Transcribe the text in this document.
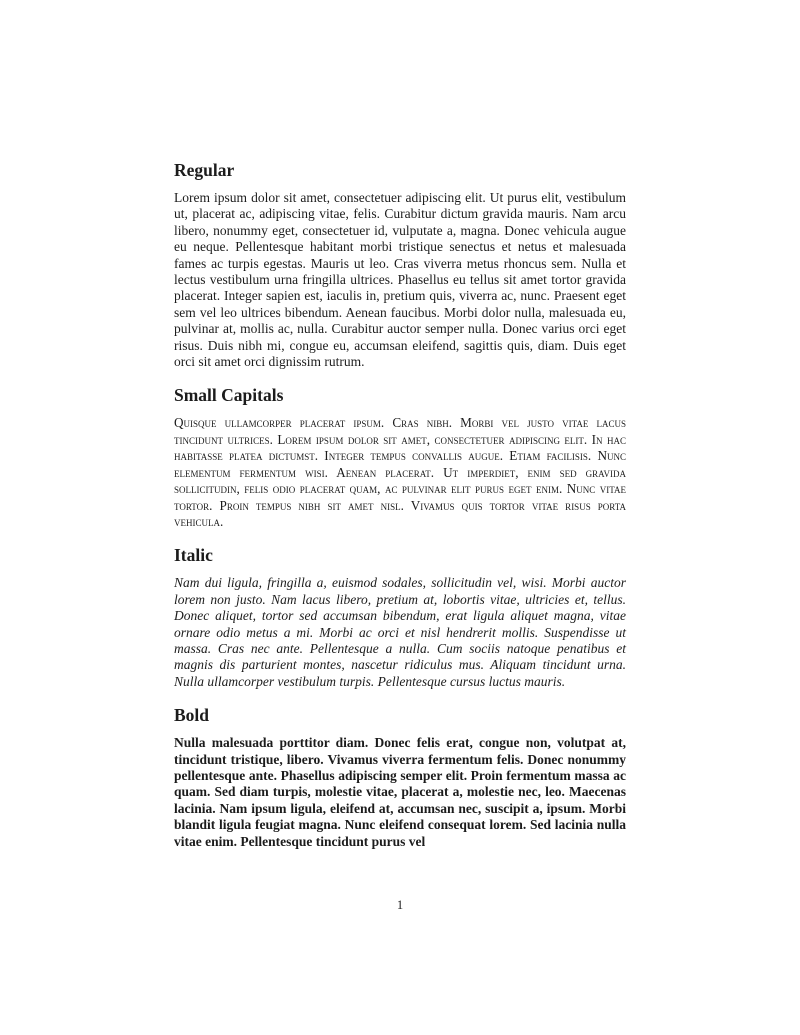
Regular

Lorem ipsum dolor sit amet, consectetuer adipiscing elit. Ut purus elit, vestibulum ut, placerat ac, adipiscing vitae, felis. Curabitur dictum gravida mauris. Nam arcu libero, nonummy eget, consectetuer id, vulputate a, magna. Donec vehicula augue eu neque. Pellentesque habitant morbi tristique senectus et netus et malesuada fames ac turpis egestas. Mauris ut leo. Cras viverra metus rhoncus sem. Nulla et lectus vestibulum urna fringilla ultrices. Phasellus eu tellus sit amet tortor gravida placerat. Integer sapien est, iaculis in, pretium quis, viverra ac, nunc. Praesent eget sem vel leo ultrices bibendum. Aenean faucibus. Morbi dolor nulla, malesuada eu, pulvinar at, mollis ac, nulla. Curabitur auctor semper nulla. Donec varius orci eget risus. Duis nibh mi, congue eu, accumsan eleifend, sagittis quis, diam. Duis eget orci sit amet orci dignissim rutrum.

Small Capitals

Quisque ullamcorper placerat ipsum. Cras nibh. Morbi vel justo vitae lacus tincidunt ultrices. Lorem ipsum dolor sit amet, consectetuer adipiscing elit. In hac habitasse platea dictumst. Integer tempus convallis augue. Etiam facilisis. Nunc elementum fermentum wisi. Aenean placerat. Ut imperdiet, enim sed gravida sollicitudin, felis odio placerat quam, ac pulvinar elit purus eget enim. Nunc vitae tortor. Proin tempus nibh sit amet nisl. Vivamus quis tortor vitae risus porta vehicula.

Italic

Nam dui ligula, fringilla a, euismod sodales, sollicitudin vel, wisi. Morbi auctor lorem non justo. Nam lacus libero, pretium at, lobortis vitae, ultricies et, tellus. Donec aliquet, tortor sed accumsan bibendum, erat ligula aliquet magna, vitae ornare odio metus a mi. Morbi ac orci et nisl hendrerit mollis. Suspendisse ut massa. Cras nec ante. Pellentesque a nulla. Cum sociis natoque penatibus et magnis dis parturient montes, nascetur ridiculus mus. Aliquam tincidunt urna. Nulla ullamcorper vestibulum turpis. Pellentesque cursus luctus mauris.

Bold

Nulla malesuada porttitor diam. Donec felis erat, congue non, volutpat at, tincidunt tristique, libero. Vivamus viverra fermentum felis. Donec nonummy pellentesque ante. Phasellus adipiscing semper elit. Proin fermentum massa ac quam. Sed diam turpis, molestie vitae, placerat a, molestie nec, leo. Maecenas lacinia. Nam ipsum ligula, eleifend at, accumsan nec, suscipit a, ipsum. Morbi blandit ligula feugiat magna. Nunc eleifend consequat lorem. Sed lacinia nulla vitae enim. Pellentesque tincidunt purus vel

1
